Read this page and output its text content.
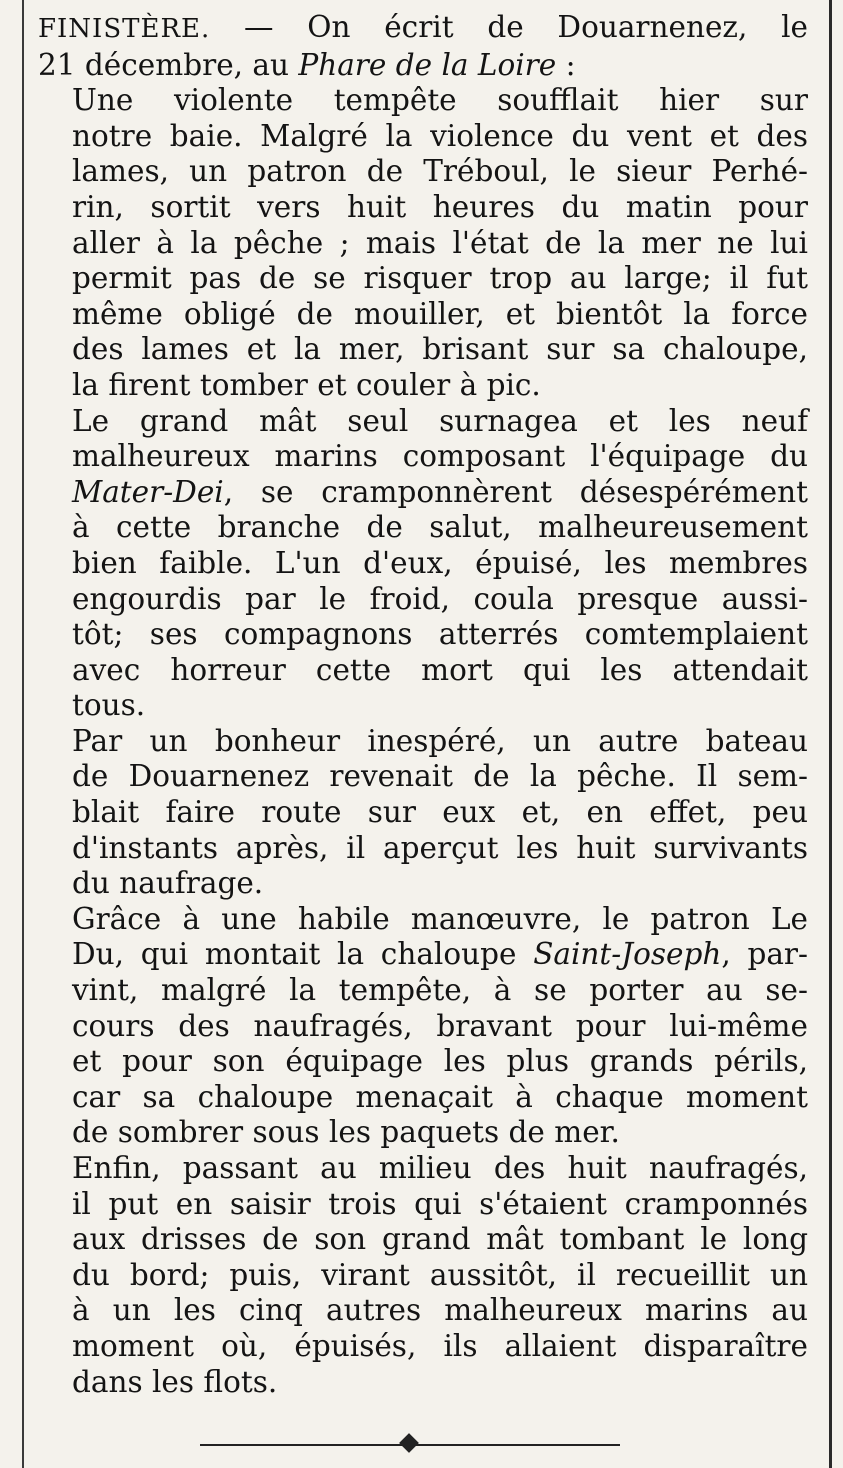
FINISTÈRE. — On écrit de Douarnenez, le
21 décembre, au Phare de la Loire :

Une violente tempête soufflait hier sur
notre baie. Malgré la violence du vent et des
lames, un patron de Tréboul, le sieur Perhé-
rin, sortit vers huit heures du matin pour
aller à la pêche ; mais l'état de la mer ne lui
permit pas de se risquer trop au large; il fut
même obligé de mouiller, et bientôt la force
des lames et la mer, brisant sur sa chaloupe,
la firent tomber et couler à pic.

Le grand mât seul surnagea et les neuf
malheureux marins composant l'équipage du
Mater-Dei, se cramponnèrent désespérément
à cette branche de salut, malheureusement
bien faible. L'un d'eux, épuisé, les membres
engourdis par le froid, coula presque aussi-
tôt; ses compagnons atterrés comtemplaient
avec horreur cette mort qui les attendait
tous.

Par un bonheur inespéré, un autre bateau
de Douarnenez revenait de la pêche. Il sem-
blait faire route sur eux et, en effet, peu
d'instants après, il aperçut les huit survivants
du naufrage.

Grâce à une habile manœuvre, le patron Le
Du, qui montait la chaloupe Saint-Joseph, par-
vint, malgré la tempête, à se porter au se-
cours des naufragés, bravant pour lui-même
et pour son équipage les plus grands périls,
car sa chaloupe menaçait à chaque moment
de sombrer sous les paquets de mer.

Enfin, passant au milieu des huit naufragés,
il put en saisir trois qui s'étaient cramponnés
aux drisses de son grand mât tombant le long
du bord; puis, virant aussitôt, il recueillit un
à un les cinq autres malheureux marins au
moment où, épuisés, ils allaient disparaître
dans les flots.
